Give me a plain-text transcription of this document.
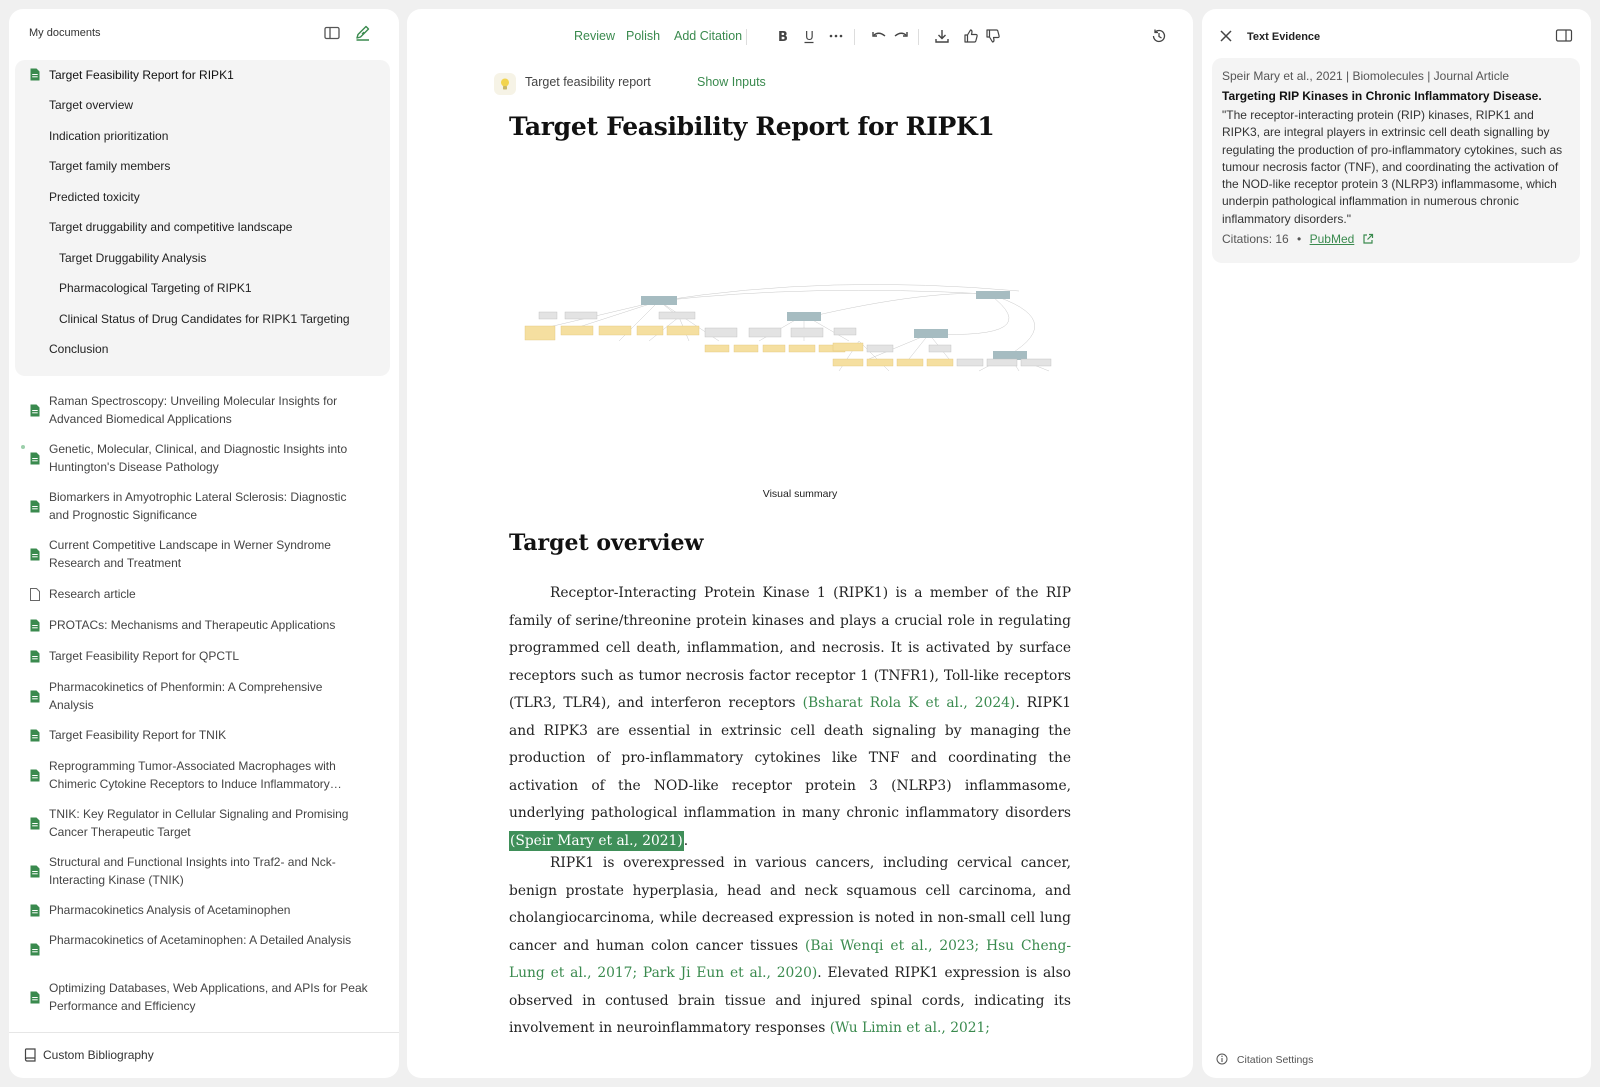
My documents
Target Feasibility Report for RIPK1
Target overview
Indication prioritization
Target family members
Predicted toxicity
Target druggability and competitive landscape
Target Druggability Analysis
Pharmacological Targeting of RIPK1
Clinical Status of Drug Candidates for RIPK1 Targeting
Conclusion
Raman Spectroscopy: Unveiling Molecular Insights for Advanced Biomedical Applications
Genetic, Molecular, Clinical, and Diagnostic Insights into Huntington's Disease Pathology
Biomarkers in Amyotrophic Lateral Sclerosis: Diagnostic and Prognostic Significance
Current Competitive Landscape in Werner Syndrome Research and Treatment
Research article
PROTACs: Mechanisms and Therapeutic Applications
Target Feasibility Report for QPCTL
Pharmacokinetics of Phenformin: A Comprehensive Analysis
Target Feasibility Report for TNIK
Reprogramming Tumor-Associated Macrophages with Chimeric Cytokine Receptors to Induce Inflammatory…
TNIK: Key Regulator in Cellular Signaling and Promising Cancer Therapeutic Target
Structural and Functional Insights into Traf2- and Nck-Interacting Kinase (TNIK)
Pharmacokinetics Analysis of Acetaminophen
Pharmacokinetics of Acetaminophen: A Detailed Analysis
Optimizing Databases, Web Applications, and APIs for Peak Performance and Efficiency
Custom Bibliography
Review Polish Add Citation	B U
Target feasibility report	Show Inputs
Target Feasibility Report for RIPK1
Visual summary
Target overview

Receptor-Interacting Protein Kinase 1 (RIPK1) is a member of the RIP family of serine/threonine protein kinases and plays a crucial role in regulating programmed cell death, inflammation, and necrosis. It is activated by surface receptors such as tumor necrosis factor receptor 1 (TNFR1), Toll-like receptors (TLR3, TLR4), and interferon receptors (Bsharat Rola K et al., 2024). RIPK1 and RIPK3 are essential in extrinsic cell death signaling by managing the production of pro-inflammatory cytokines like TNF and coordinating the activation of the NOD-like receptor protein 3 (NLRP3) inflammasome, underlying pathological inflammation in many chronic inflammatory disorders (Speir Mary et al., 2021).

RIPK1 is overexpressed in various cancers, including cervical cancer, benign prostate hyperplasia, head and neck squamous cell carcinoma, and cholangiocarcinoma, while decreased expression is noted in non-small cell lung cancer and human colon cancer tissues (Bai Wenqi et al., 2023; Hsu Cheng-Lung et al., 2017; Park Ji Eun et al., 2020). Elevated RIPK1 expression is also observed in contused brain tissue and injured spinal cords, indicating its involvement in neuroinflammatory responses (Wu Limin et al., 2021;

Text Evidence
Speir Mary et al., 2021 | Biomolecules | Journal Article
Targeting RIP Kinases in Chronic Inflammatory Disease.
"The receptor-interacting protein (RIP) kinases, RIPK1 and RIPK3, are integral players in extrinsic cell death signalling by regulating the production of pro-inflammatory cytokines, such as tumour necrosis factor (TNF), and coordinating the activation of the NOD-like receptor protein 3 (NLRP3) inflammasome, which underpin pathological inflammation in numerous chronic inflammatory disorders."
Citations: 16 • PubMed
Citation Settings
